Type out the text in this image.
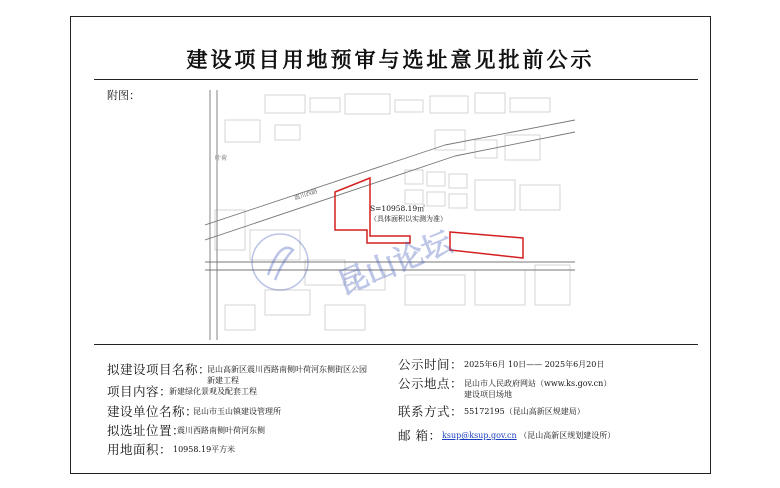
建设项目用地预审与选址意见批前公示
附图：
震川西路
叶荷
S=10958.19㎡
（具体面积以实测为准）
昆山论坛
拟建设项目名称：
昆山高新区震川西路南侧叶荷河东侧街区公园
新建工程
项目内容：
新建绿化景观及配套工程
建设单位名称：
昆山市玉山镇建设管理所
拟选址位置：
震川西路南侧叶荷河东侧
用地面积： 10958.19平方米
公示时间： 2025年6月 10日—— 2025年6月20日
公示地点： 昆山市人民政府网站（www.ks.gov.cn）
建设项目场地
联系方式： 55172195（昆山高新区规建局）
邮 箱： ksup@ksup.gov.cn （昆山高新区规划建设所）
